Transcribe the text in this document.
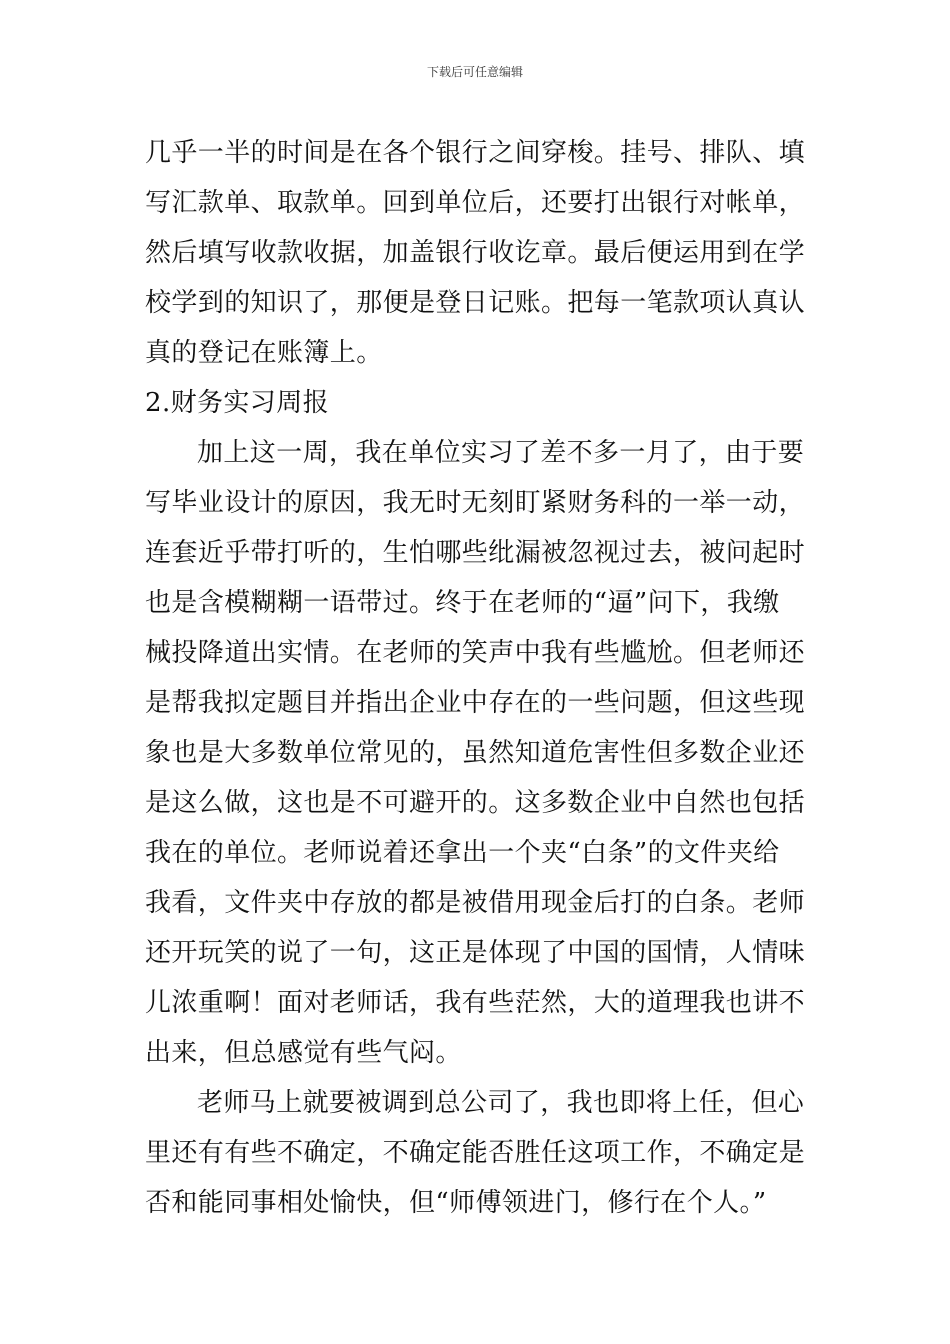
下载后可任意编辑
几乎一半的时间是在各个银行之间穿梭。挂号、排队、填
写汇款单、取款单。回到单位后，还要打出银行对帐单，
然后填写收款收据，加盖银行收讫章。最后便运用到在学
校学到的知识了，那便是登日记账。把每一笔款项认真认
真的登记在账簿上。
2.财务实习周报
加上这一周，我在单位实习了差不多一月了，由于要
写毕业设计的原因，我无时无刻盯紧财务科的一举一动，
连套近乎带打听的，生怕哪些纰漏被忽视过去，被问起时
也是含模糊糊一语带过。终于在老师的“逼”问下，我缴
械投降道出实情。在老师的笑声中我有些尴尬。但老师还
是帮我拟定题目并指出企业中存在的一些问题，但这些现
象也是大多数单位常见的，虽然知道危害性但多数企业还
是这么做，这也是不可避开的。这多数企业中自然也包括
我在的单位。老师说着还拿出一个夹“白条”的文件夹给
我看，文件夹中存放的都是被借用现金后打的白条。老师
还开玩笑的说了一句，这正是体现了中国的国情，人情味
儿浓重啊！面对老师话，我有些茫然，大的道理我也讲不
出来，但总感觉有些气闷。
老师马上就要被调到总公司了，我也即将上任，但心
里还有有些不确定，不确定能否胜任这项工作，不确定是
否和能同事相处愉快，但“师傅领进门，修行在个人。”
